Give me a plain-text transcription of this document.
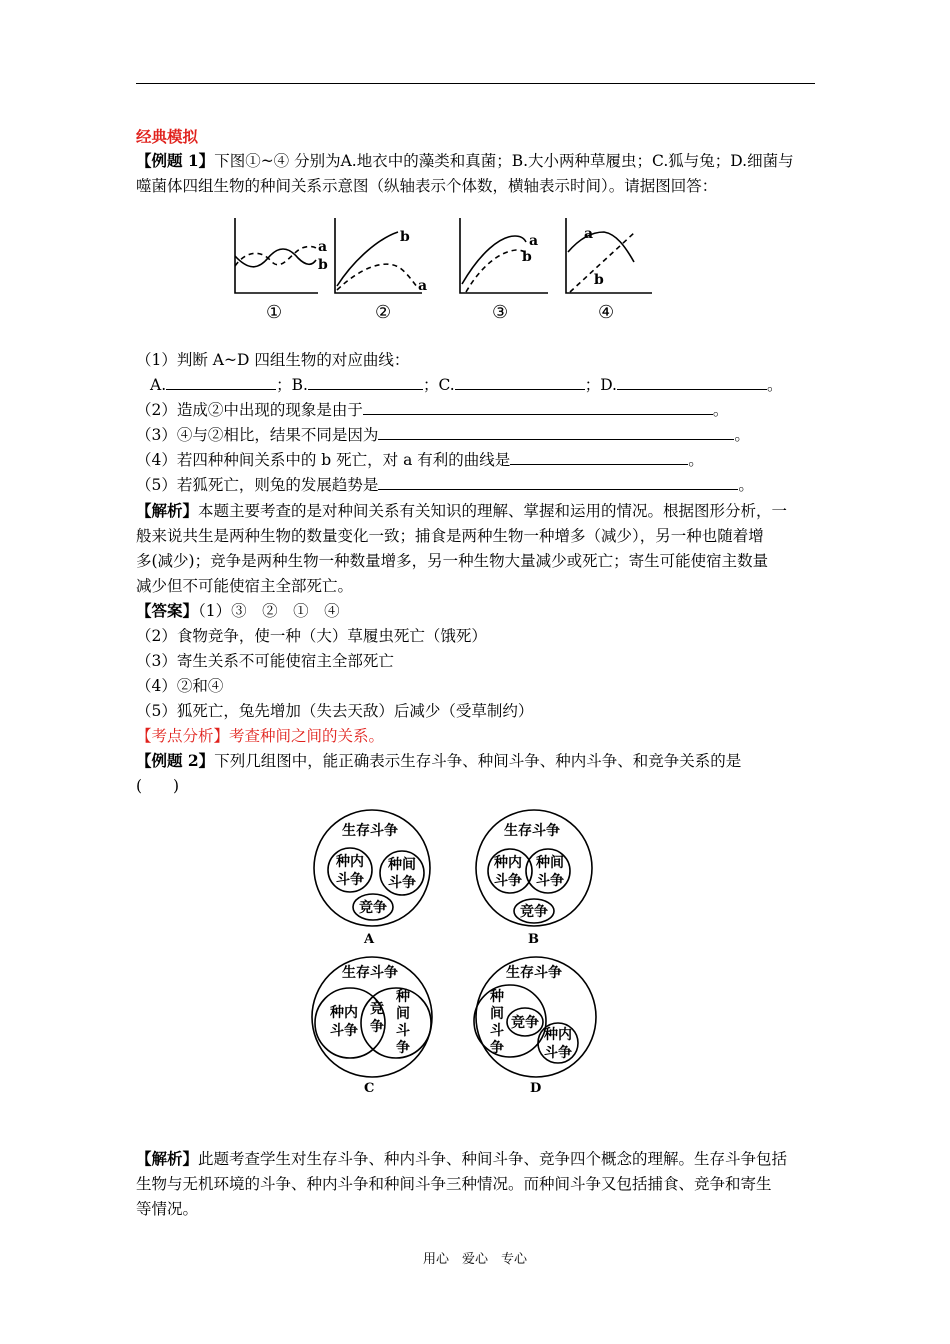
经典模拟
【例题 1】下图①~④ 分别为A.地衣中的藻类和真菌；B.大小两种草履虫；C.狐与兔；D.细菌与
噬菌体四组生物的种间关系示意图（纵轴表示个体数，横轴表示时间）。请据图回答：
a
b
①
b
a
②
a
b
③
a
b
④
（1）判断 A~D 四组生物的对应曲线：
A.	；B.	；C.	；D.	。
（2）造成②中出现的现象是由于	。
（3）④与②相比，结果不同是因为	。
（4）若四种种间关系中的 b 死亡，对 a 有利的曲线是	。
（5）若狐死亡，则兔的发展趋势是	。
【解析】本题主要考查的是对种间关系有关知识的理解、掌握和运用的情况。根据图形分析，一
般来说共生是两种生物的数量变化一致；捕食是两种生物一种增多（减少），另一种也随着增
多(减少)；竞争是两种生物一种数量增多，另一种生物大量减少或死亡；寄生可能使宿主数量
减少但不可能使宿主全部死亡。
【答案】（1）③　②　①　④
（2）食物竞争，使一种（大）草履虫死亡（饿死）
（3）寄生关系不可能使宿主全部死亡
（4）②和④
（5）狐死亡，兔先增加（失去天敌）后减少（受草制约）
【考点分析】考查种间之间的关系。
【例题 2】下列几组图中，能正确表示生存斗争、种间斗争、种内斗争、和竞争关系的是
(　　)
生存斗争
种内
斗争
种间
斗争
竞争
A
生存斗争
种内
斗争
种间
斗争
竞争
B
生存斗争
种内
斗争
竞
争
种
间
斗
争
C
生存斗争
种
间
斗
争
竞争
种内
斗争
D
【解析】此题考查学生对生存斗争、种内斗争、种间斗争、竞争四个概念的理解。生存斗争包括
生物与无机环境的斗争、种内斗争和种间斗争三种情况。而种间斗争又包括捕食、竞争和寄生
等情况。
用心　爱心　专心
